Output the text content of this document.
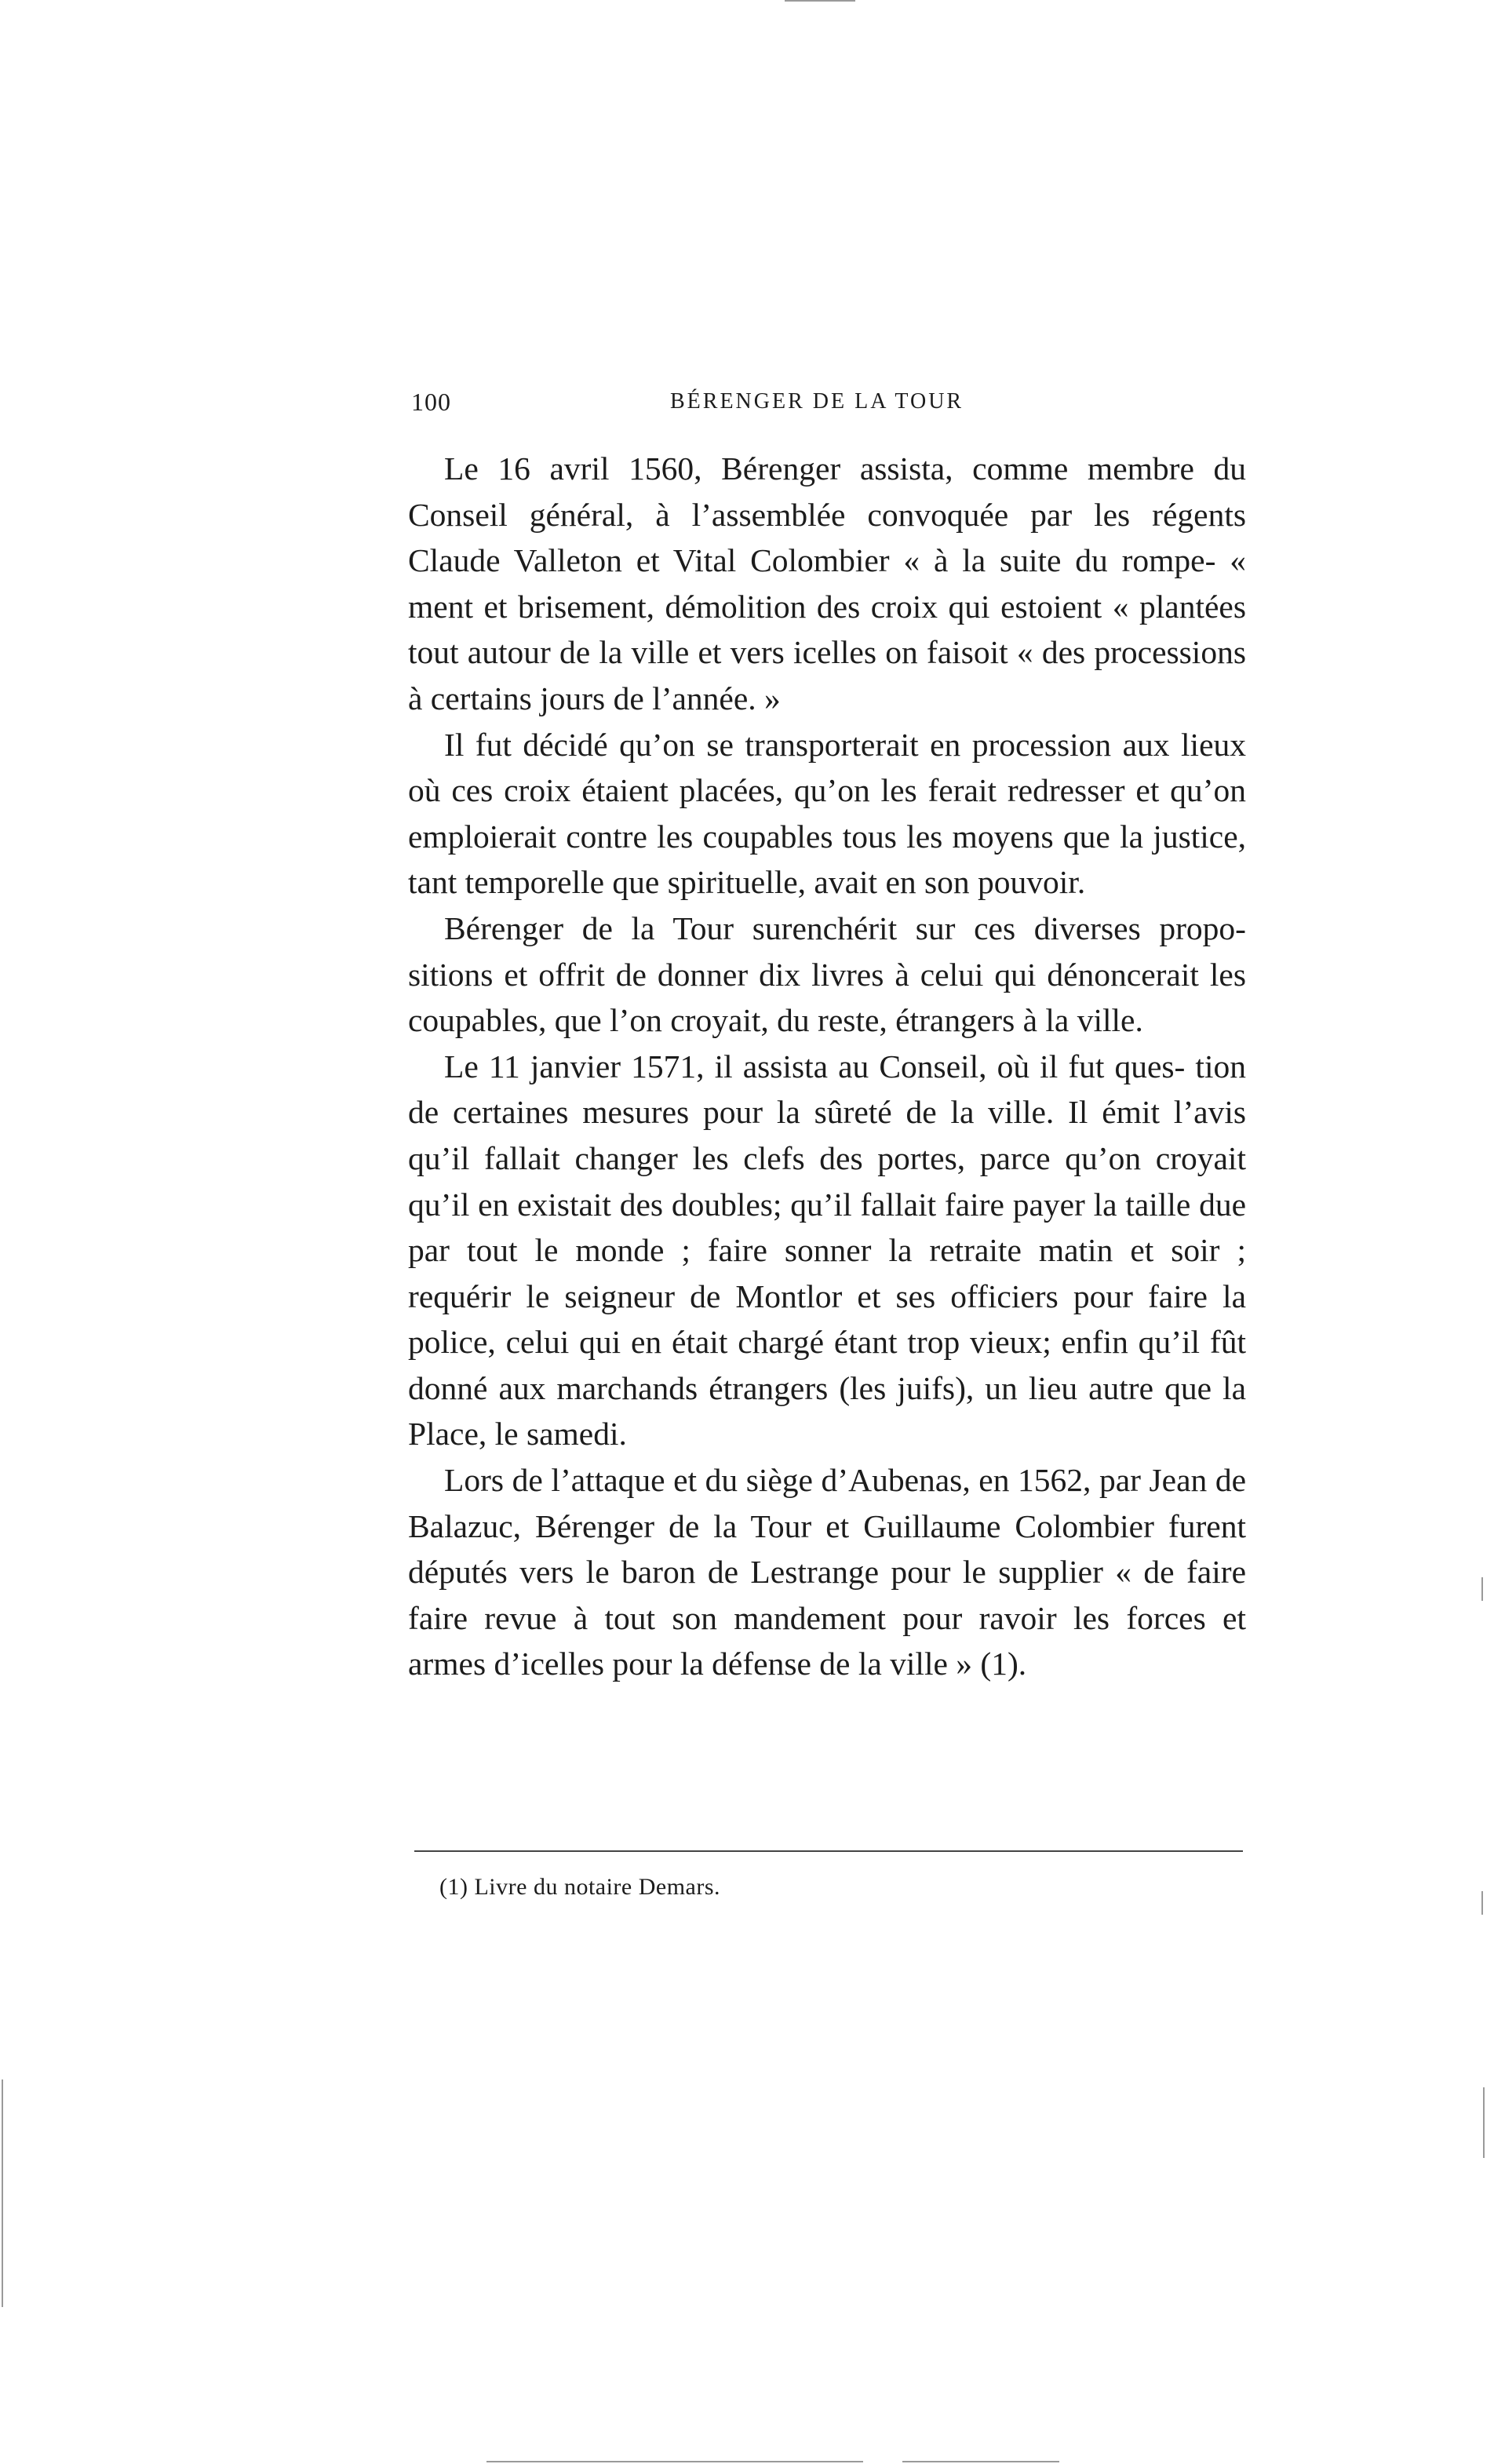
100	BÉRENGER DE LA TOUR

Le 16 avril 1560, Bérenger assista, comme membre du Conseil général, à l’assemblée convoquée par les régents Claude Valleton et Vital Colombier « à la suite du rompe- « ment et brisement, démolition des croix qui estoient « plantées tout autour de la ville et vers icelles on faisoit « des processions à certains jours de l’année. »

Il fut décidé qu’on se transporterait en procession aux lieux où ces croix étaient placées, qu’on les ferait redresser et qu’on emploierait contre les coupables tous les moyens que la justice, tant temporelle que spirituelle, avait en son pouvoir.

Bérenger de la Tour surenchérit sur ces diverses propo- sitions et offrit de donner dix livres à celui qui dénoncerait les coupables, que l’on croyait, du reste, étrangers à la ville.

Le 11 janvier 1571, il assista au Conseil, où il fut ques- tion de certaines mesures pour la sûreté de la ville. Il émit l’avis qu’il fallait changer les clefs des portes, parce qu’on croyait qu’il en existait des doubles; qu’il fallait faire payer la taille due par tout le monde ; faire sonner la retraite matin et soir ; requérir le seigneur de Montlor et ses officiers pour faire la police, celui qui en était chargé étant trop vieux; enfin qu’il fût donné aux marchands étrangers (les juifs), un lieu autre que la Place, le samedi.

Lors de l’attaque et du siège d’Aubenas, en 1562, par Jean de Balazuc, Bérenger de la Tour et Guillaume Colombier furent députés vers le baron de Lestrange pour le supplier « de faire faire revue à tout son mandement pour ravoir les forces et armes d’icelles pour la défense de la ville » (1).

(1) Livre du notaire Demars.
